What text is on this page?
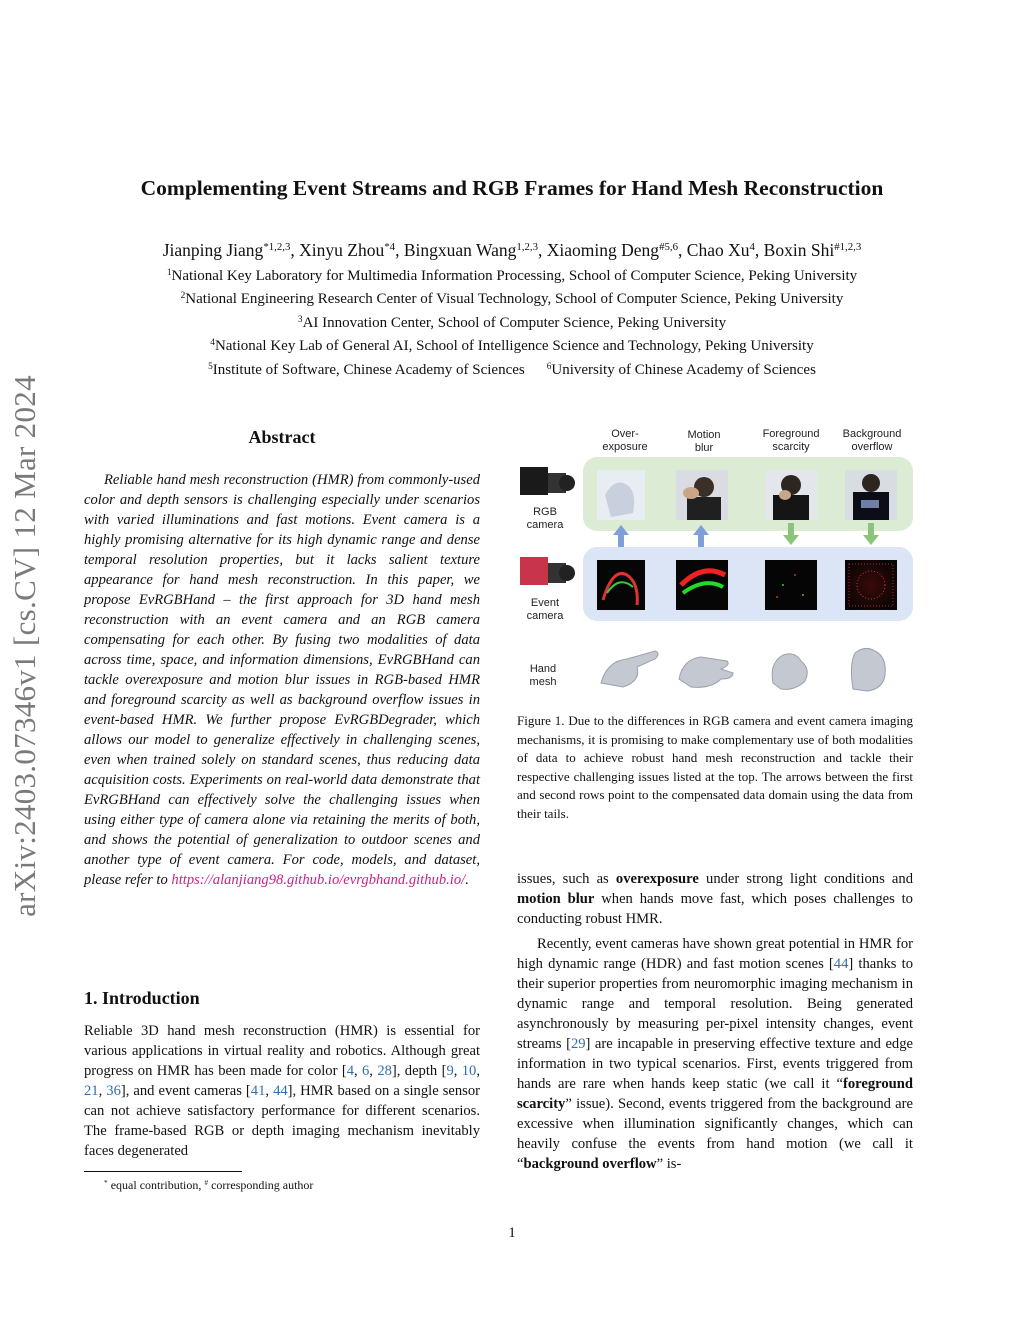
arXiv:2403.07346v1 [cs.CV] 12 Mar 2024
Complementing Event Streams and RGB Frames for Hand Mesh Reconstruction
Jianping Jiang$^{*1,2,3}$, Xinyu Zhou$^{*4}$, Bingxuan Wang$^{1,2,3}$, Xiaoming Deng$^{\#5,6}$, Chao Xu$^4$, Boxin Shi$^{\#1,2,3}$
$^1$National Key Laboratory for Multimedia Information Processing, School of Computer Science, Peking University
$^2$National Engineering Research Center of Visual Technology, School of Computer Science, Peking University
$^3$AI Innovation Center, School of Computer Science, Peking University
$^4$National Key Lab of General AI, School of Intelligence Science and Technology, Peking University
$^5$Institute of Software, Chinese Academy of Sciences $^6$University of Chinese Academy of Sciences
Abstract
Reliable hand mesh reconstruction (HMR) from commonly-used color and depth sensors is challenging especially under scenarios with varied illuminations and fast motions. Event camera is a highly promising alternative for its high dynamic range and dense temporal resolution properties, but it lacks salient texture appearance for hand mesh reconstruction. In this paper, we propose EvRGBHand – the first approach for 3D hand mesh reconstruction with an event camera and an RGB camera compensating for each other. By fusing two modalities of data across time, space, and information dimensions, EvRGBHand can tackle overexposure and motion blur issues in RGB-based HMR and foreground scarcity as well as background overflow issues in event-based HMR. We further propose EvRGBDegrader, which allows our model to generalize effectively in challenging scenes, even when trained solely on standard scenes, thus reducing data acquisition costs. Experiments on real-world data demonstrate that EvRGBHand can effectively solve the challenging issues when using either type of camera alone via retaining the merits of both, and shows the potential of generalization to outdoor scenes and another type of event camera. For code, models, and dataset, please refer to https://alanjiang98.github.io/evrgbhand.github.io/.
1. Introduction
Reliable 3D hand mesh reconstruction (HMR) is essential for various applications in virtual reality and robotics. Although great progress on HMR has been made for color [4, 6, 28], depth [9, 10, 21, 36], and event cameras [41, 44], HMR based on a single sensor can not achieve satisfactory performance for different scenarios. The frame-based RGB or depth imaging mechanism inevitably faces degenerated
* equal contribution, # corresponding author
Over-
exposure
Motion
blur
Foreground
scarcity
Background
overflow
RGB
camera
Event
camera
Hand
mesh
Figure 1. Due to the differences in RGB camera and event camera imaging mechanisms, it is promising to make complementary use of both modalities of data to achieve robust hand mesh reconstruction and tackle their respective challenging issues listed at the top. The arrows between the first and second rows point to the compensated data domain using the data from their tails.

issues, such as overexposure under strong light conditions and motion blur when hands move fast, which poses challenges to conducting robust HMR.

Recently, event cameras have shown great potential in HMR for high dynamic range (HDR) and fast motion scenes [44] thanks to their superior properties from neuromorphic imaging mechanism in dynamic range and temporal resolution. Being generated asynchronously by measuring per-pixel intensity changes, event streams [29] are incapable in preserving effective texture and edge information in two typical scenarios. First, events triggered from hands are rare when hands keep static (we call it “foreground scarcity” issue). Second, events triggered from the background are excessive when illumination significantly changes, which can heavily confuse the events from hand motion (we call it “background overflow” is-

1
